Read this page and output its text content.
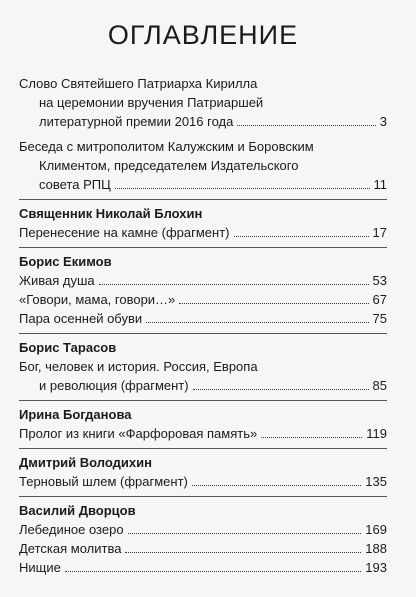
ОГЛАВЛЕНИЕ
Слово Святейшего Патриарха Кирилла
на церемонии вручения Патриаршей
литературной премии 2016 года	3
Беседа с митрополитом Калужским и Боровским
Климентом, председателем Издательского
совета РПЦ	11
Священник Николай Блохин
Перенесение на камне (фрагмент)	17
Борис Екимов
Живая душа	53
«Говори, мама, говори…»	67
Пара осенней обуви	75
Борис Тарасов
Бог, человек и история. Россия, Европа
и революция (фрагмент)	85
Ирина Богданова
Пролог из книги «Фарфоровая память»	119
Дмитрий Володихин
Терновый шлем (фрагмент)	135
Василий Дворцов
Лебединое озеро	169
Детская молитва	188
Нищие	193
